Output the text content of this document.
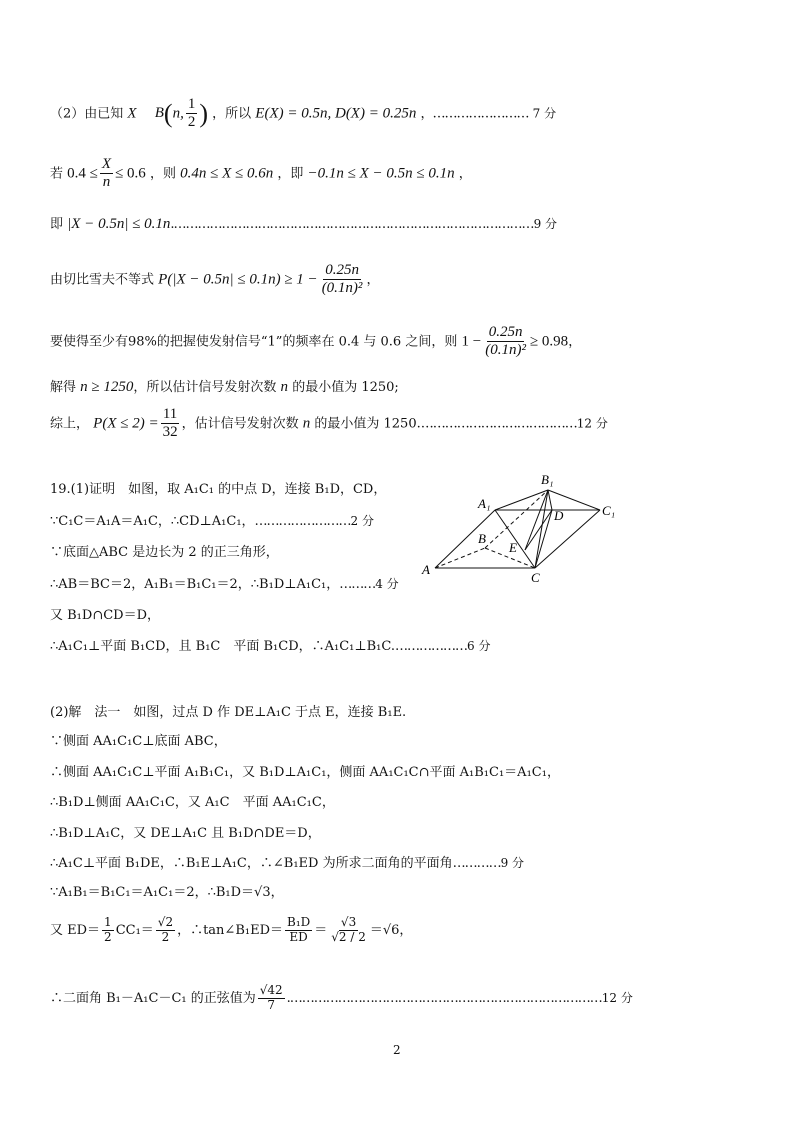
（2）由已知 X B(n, $\frac{1}{2}$ ) ，所以 E(X) = 0.5n, D(X) = 0.25n ，…………………… 7 分
若 $0.4 \le \frac{X}{n} \le 0.6$ ，则 0.4n ≤ X ≤ 0.6n ，即 −0.1n ≤ X − 0.5n ≤ 0.1n ，
即 |X − 0.5n| ≤ 0.1n.………………………………………………………………………………9 分
由切比雪夫不等式 $P(|X - 0.5n| \le 0.1n) \ge 1 - \frac{0.25n}{\text{(0.1n)²}}$ ，
要使得至少有98%的把握使发射信号“1”的频率在 0.4 与 0.6 之间，则 $1 - \frac{0.25n}{\text{(0.1n)²}} \ge 0.98$，
解得 n ≥ 1250，所以估计信号发射次数 n 的最小值为 1250;
综上， $P(X \le 2) = \frac{11}{32}$ ，估计信号发射次数 n 的最小值为 1250.…………………………………12 分
19.(1)证明　如图，取 A₁C₁ 的中点 D，连接 B₁D，CD，
∵C₁C＝A₁A＝A₁C，∴CD⊥A₁C₁，……………………2 分
∵底面△ABC 是边长为 2 的正三角形，
∴AB＝BC＝2，A₁B₁＝B₁C₁＝2，∴B₁D⊥A₁C₁，………4 分
又 B₁D∩CD＝D，
∴A₁C₁⊥平面 B₁CD，且 B₁C　平面 B₁CD，∴A₁C₁⊥B₁C.………………6 分
A
B
C
D
E
A₁
B₁
C₁
(2)解　法一　如图，过点 D 作 DE⊥A₁C 于点 E，连接 B₁E.
∵侧面 AA₁C₁C⊥底面 ABC，
∴侧面 AA₁C₁C⊥平面 A₁B₁C₁，又 B₁D⊥A₁C₁，侧面 AA₁C₁C∩平面 A₁B₁C₁＝A₁C₁，
∴B₁D⊥侧面 AA₁C₁C，又 A₁C　平面 AA₁C₁C，
∴B₁D⊥A₁C，又 DE⊥A₁C 且 B₁D∩DE＝D，
∴A₁C⊥平面 B₁DE，∴B₁E⊥A₁C，∴∠B₁ED 为所求二面角的平面角…………9 分
∵A₁B₁＝B₁C₁＝A₁C₁＝2，∴B₁D＝√3，
又 $ED= \frac{1}{2} CC_1= \frac{√2}{2}$ ，∴tan∠B₁ED＝ $\frac{\text{B₁D}}{ED} = \frac{√3}{√2 / 2} =√6$，
∴二面角 B₁－A₁C－C₁ 的正弦值为 $\frac{√42}{7}$ .……………………………………………………………………12 分
2
